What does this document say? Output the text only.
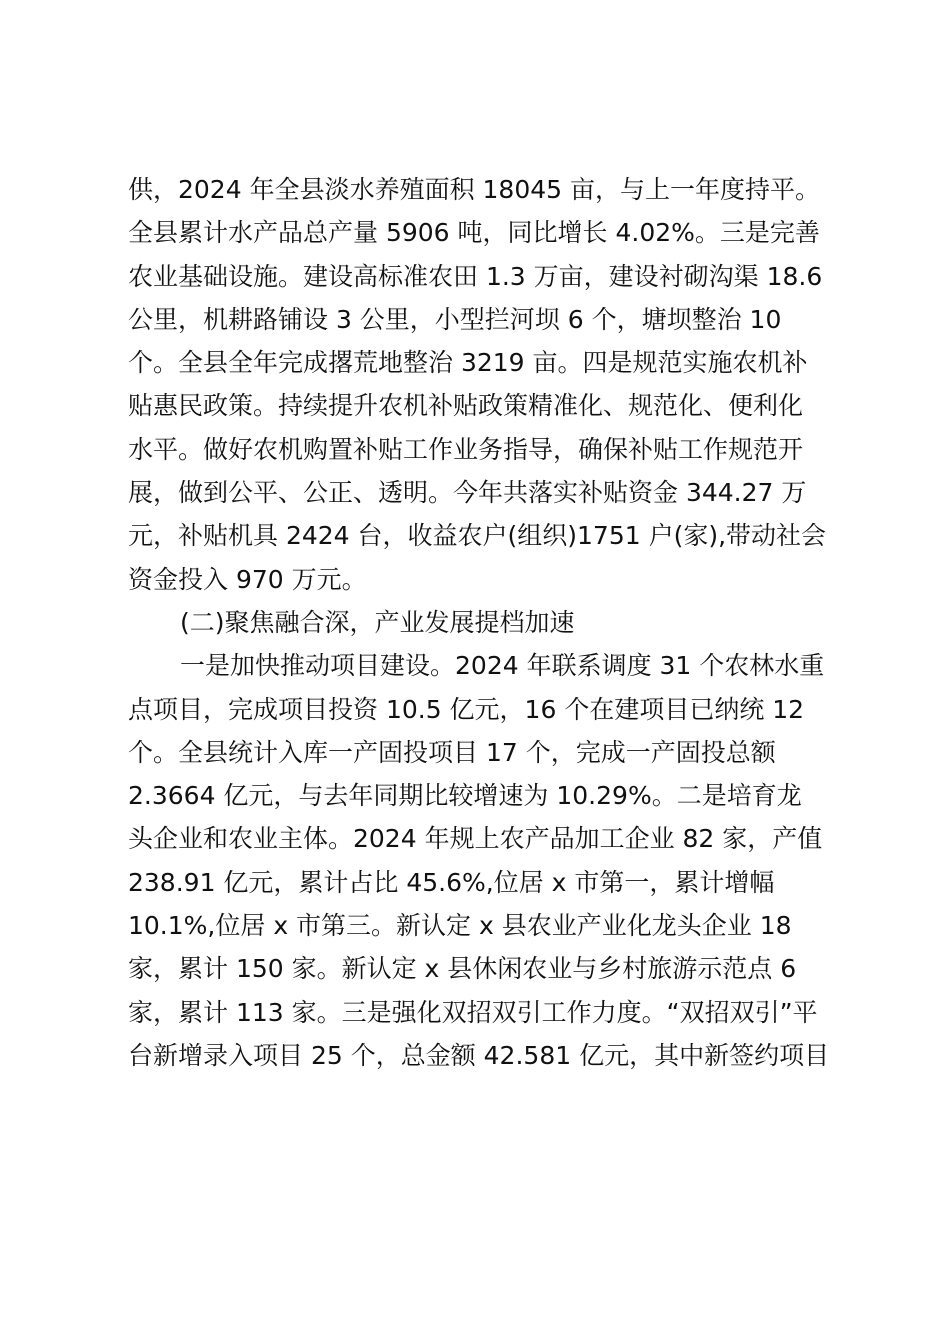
供，2024 年全县淡水养殖面积 18045 亩，与上一年度持平。
全县累计水产品总产量 5906 吨，同比增长 4.02%。三是完善
农业基础设施。建设高标准农田 1.3 万亩，建设衬砌沟渠 18.6
公里，机耕路铺设 3 公里，小型拦河坝 6 个，塘坝整治 10
个。全县全年完成撂荒地整治 3219 亩。四是规范实施农机补
贴惠民政策。持续提升农机补贴政策精准化、规范化、便利化
水平。做好农机购置补贴工作业务指导，确保补贴工作规范开
展，做到公平、公正、透明。今年共落实补贴资金 344.27 万
元，补贴机具 2424 台，收益农户(组织)1751 户(家),带动社会
资金投入 970 万元。
(二)聚焦融合深，产业发展提档加速
一是加快推动项目建设。2024 年联系调度 31 个农林水重
点项目，完成项目投资 10.5 亿元，16 个在建项目已纳统 12
个。全县统计入库一产固投项目 17 个，完成一产固投总额
2.3664 亿元，与去年同期比较增速为 10.29%。二是培育龙
头企业和农业主体。2024 年规上农产品加工企业 82 家，产值
238.91 亿元，累计占比 45.6%,位居 x 市第一，累计增幅
10.1%,位居 x 市第三。新认定 x 县农业产业化龙头企业 18
家，累计 150 家。新认定 x 县休闲农业与乡村旅游示范点 6
家，累计 113 家。三是强化双招双引工作力度。“双招双引”平
台新增录入项目 25 个，总金额 42.581 亿元，其中新签约项目
